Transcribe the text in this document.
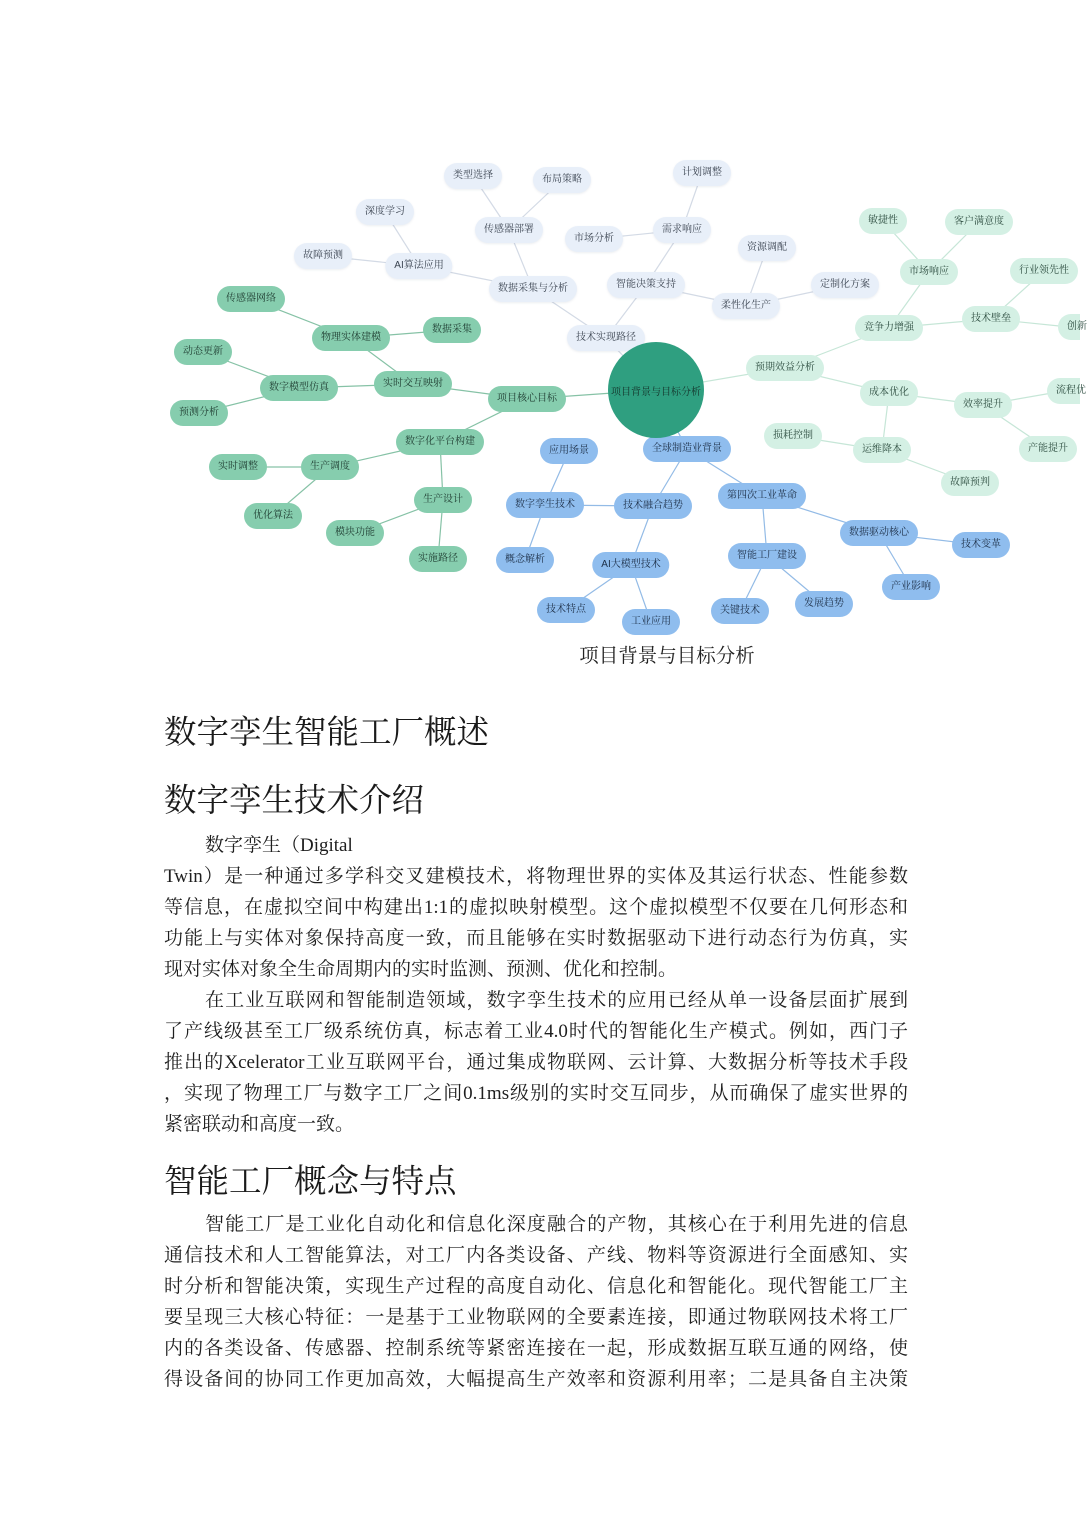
项目背景与目标分析
技术实现路径
数据采集与分析
传感器部署
类型选择	布局策略
AI算法应用
深度学习
故障预测
智能决策支持
需求响应
市场分析
计划调整
柔性化生产
资源调配
定制化方案
项目核心目标
实时交互映射
物理实体建模
传感器网络
数据采集
数字模型仿真
动态更新
预测分析
数字化平台构建
生产调度
实时调整
优化算法
生产设计
模块功能
实施路径
预期效益分析
竞争力增强
市场响应
敏捷性	客户满意度
技术壁垒
行业领先性
创新
成本优化
效率提升
流程优
产能提升
运维降本
损耗控制
故障预判
全球制造业背景
技术融合趋势
数字孪生技术
应用场景
概念解析	AI大模型技术
技术特点
工业应用
第四次工业革命
智能工厂建设
关键技术
发展趋势
数据驱动核心
技术变革
产业影响
项目背景与目标分析
数字孪生智能工厂概述
数字孪生技术介绍
数字孪生（Digital
Twin）是一种通过多学科交叉建模技术，将物理世界的实体及其运行状态、性能参数
等信息，在虚拟空间中构建出1:1的虚拟映射模型。这个虚拟模型不仅要在几何形态和
功能上与实体对象保持高度一致，而且能够在实时数据驱动下进行动态行为仿真，实
现对实体对象全生命周期内的实时监测、预测、优化和控制。
在工业互联网和智能制造领域，数字孪生技术的应用已经从单一设备层面扩展到
了产线级甚至工厂级系统仿真，标志着工业4.0时代的智能化生产模式。例如，西门子
推出的Xcelerator工业互联网平台，通过集成物联网、云计算、大数据分析等技术手段
，实现了物理工厂与数字工厂之间0.1ms级别的实时交互同步，从而确保了虚实世界的
紧密联动和高度一致。
智能工厂概念与特点
智能工厂是工业化自动化和信息化深度融合的产物，其核心在于利用先进的信息
通信技术和人工智能算法，对工厂内各类设备、产线、物料等资源进行全面感知、实
时分析和智能决策，实现生产过程的高度自动化、信息化和智能化。现代智能工厂主
要呈现三大核心特征：一是基于工业物联网的全要素连接，即通过物联网技术将工厂
内的各类设备、传感器、控制系统等紧密连接在一起，形成数据互联互通的网络，使
得设备间的协同工作更加高效，大幅提高生产效率和资源利用率；二是具备自主决策
